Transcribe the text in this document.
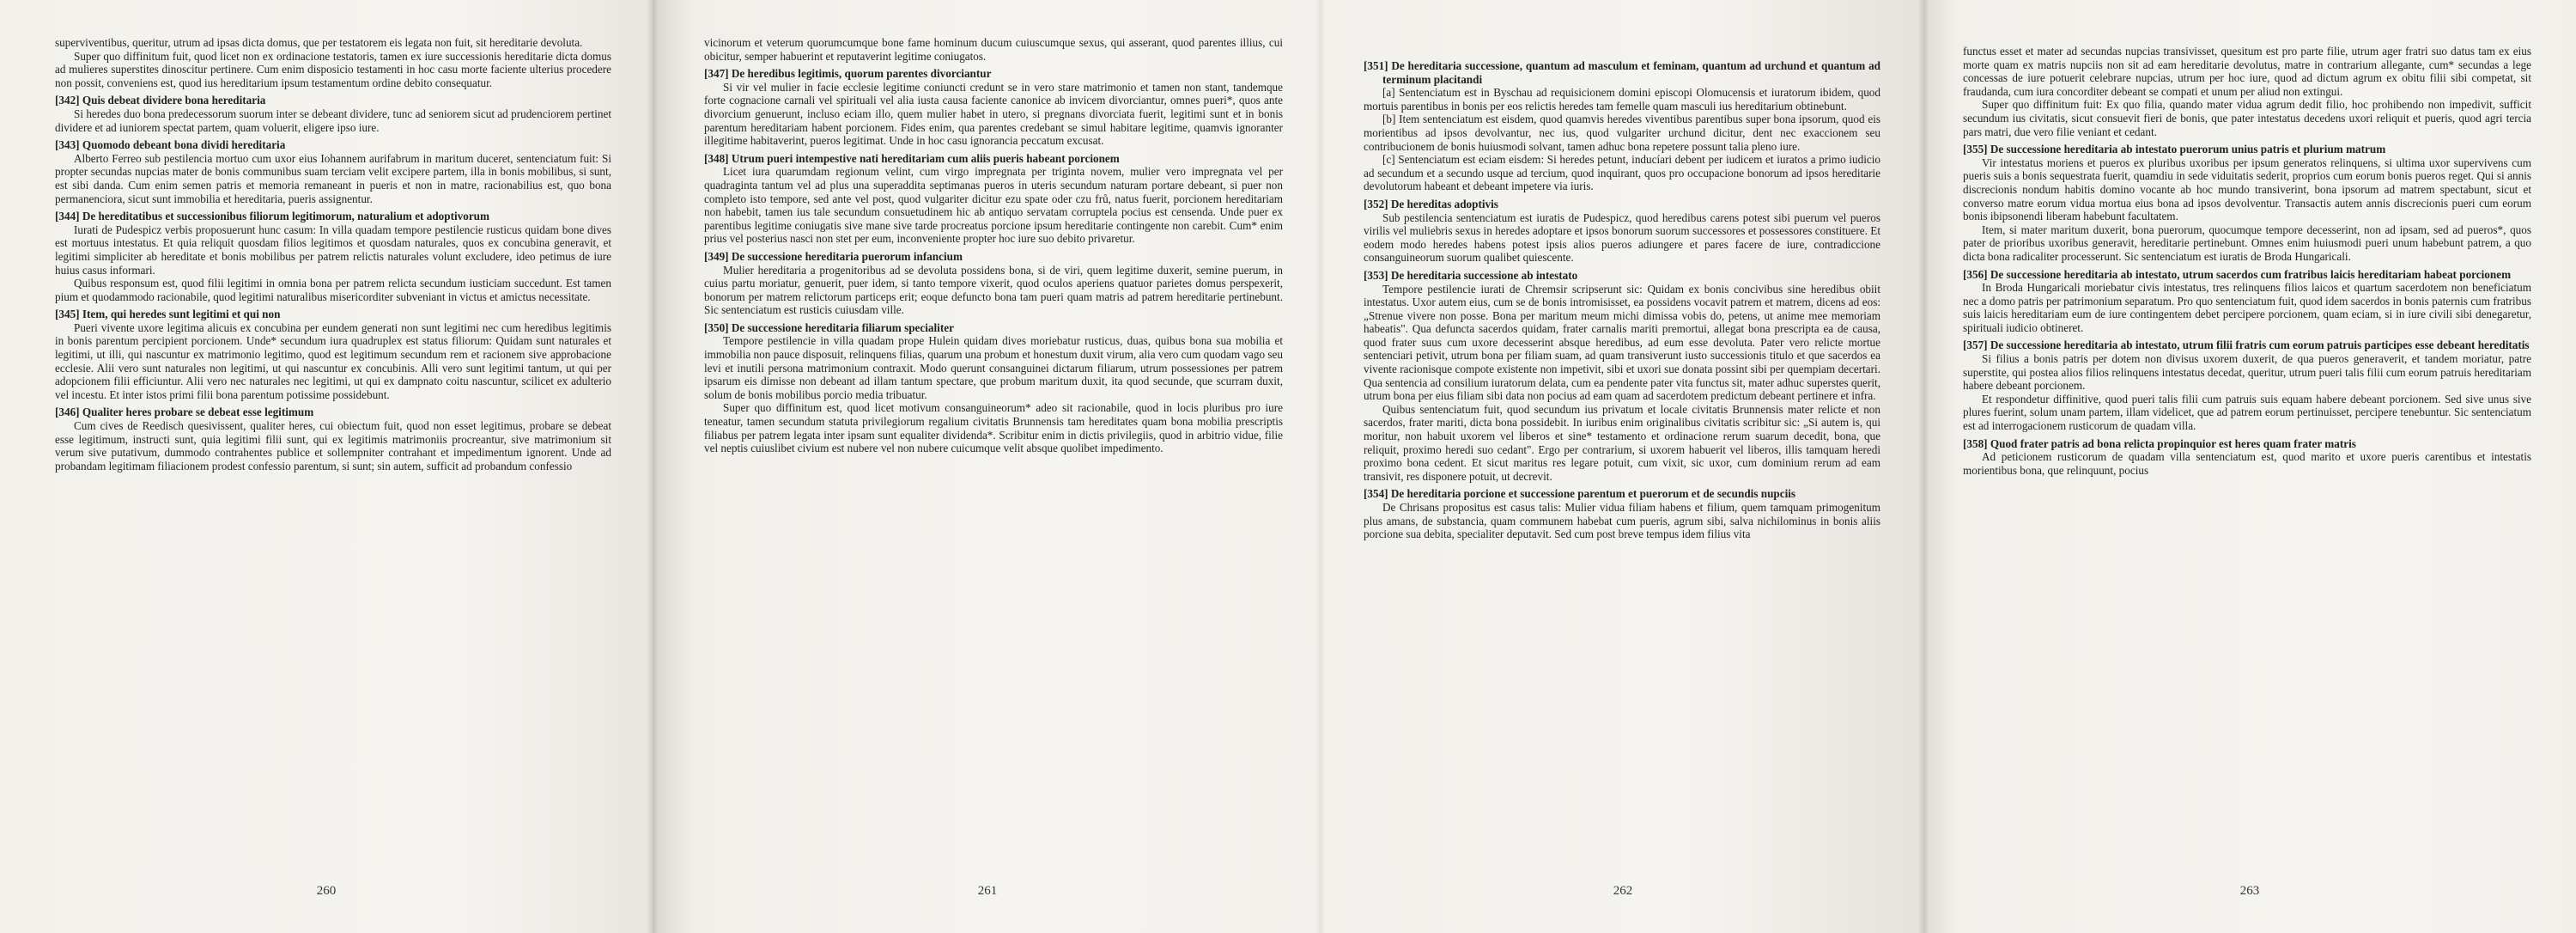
superviventibus, queritur, utrum ad ipsas dicta domus, que per testatorem eis legata non fuit, sit hereditarie devoluta.

Super quo diffinitum fuit, quod licet non ex ordinacione testatoris, tamen ex iure successionis hereditarie dicta domus ad mulieres superstites dinoscitur pertinere. Cum enim disposicio testamenti in hoc casu morte faciente ulterius procedere non possit, conveniens est, quod ius hereditarium ipsum testamentum ordine debito consequatur.

[342] Quis debeat dividere bona hereditaria

Si heredes duo bona predecessorum suorum inter se debeant dividere, tunc ad seniorem sicut ad prudenciorem pertinet dividere et ad iuniorem spectat partem, quam voluerit, eligere ipso iure.

[343] Quomodo debeant bona dividi hereditaria

Alberto Ferreo sub pestilencia mortuo cum uxor eius Iohannem aurifabrum in maritum duceret, sentenciatum fuit: Si propter secundas nupcias mater de bonis communibus suam terciam velit excipere partem, illa in bonis mobilibus, si sunt, est sibi danda. Cum enim semen patris et memoria remaneant in pueris et non in matre, racionabilius est, quo bona permanenciora, sicut sunt immobilia et hereditaria, pueris assignentur.

[344] De hereditatibus et successionibus filiorum legitimorum, naturalium et adoptivorum

Iurati de Pudespicz verbis proposuerunt hunc casum: In villa quadam tempore pestilencie rusticus quidam bone dives est mortuus intestatus. Et quia reliquit quosdam filios legitimos et quosdam naturales, quos ex concubina generavit, et legitimi simpliciter ab hereditate et bonis mobilibus per patrem relictis naturales volunt excludere, ideo petimus de iure huius casus informari.

Quibus responsum est, quod filii legitimi in omnia bona per patrem relicta secundum iusticiam succedunt. Est tamen pium et quodammodo racionabile, quod legitimi naturalibus misericorditer subveniant in victus et amictus necessitate.

[345] Item, qui heredes sunt legitimi et qui non

Pueri vivente uxore legitima alicuis ex concubina per eundem generati non sunt legitimi nec cum heredibus legitimis in bonis parentum percipient porcionem. Unde* secundum iura quadruplex est status filiorum: Quidam sunt naturales et legitimi, ut illi, qui nascuntur ex matrimonio legitimo, quod est legitimum secundum rem et racionem sive approbacione ecclesie. Alii vero sunt naturales non legitimi, ut qui nascuntur ex concubinis. Alli vero sunt legitimi tantum, ut qui per adopcionem filii efficiuntur. Alii vero nec naturales nec legitimi, ut qui ex dampnato coitu nascuntur, scilicet ex adulterio vel incestu. Et inter istos primi filii bona parentum potissime possidebunt.

[346] Qualiter heres probare se debeat esse legitimum

Cum cives de Reedisch quesivissent, qualiter heres, cui obiectum fuit, quod non esset legitimus, probare se debeat esse legitimum, instructi sunt, quia legitimi filii sunt, qui ex legitimis matrimoniis procreantur, sive matrimonium sit verum sive putativum, dummodo contrahentes publice et sollempniter contrahant et impedimentum ignorent. Unde ad probandam legitimam filiacionem prodest confessio parentum, si sunt; sin autem, sufficit ad probandum confessio

260

vicinorum et veterum quorumcumque bone fame hominum ducum cuiuscumque sexus, qui asserant, quod parentes illius, cui obicitur, semper habuerint et reputaverint legitime coniugatos.

[347] De heredibus legitimis, quorum parentes divorciantur

Si vir vel mulier in facie ecclesie legitime coniuncti credunt se in vero stare matrimonio et tamen non stant, tandemque forte cognacione carnali vel spirituali vel alia iusta causa faciente canonice ab invicem divorciantur, omnes pueri*, quos ante divorcium genuerunt, incluso eciam illo, quem mulier habet in utero, si pregnans divorciata fuerit, legitimi sunt et in bonis parentum hereditariam habent porcionem. Fides enim, qua parentes credebant se simul habitare legitime, quamvis ignoranter illegitime habitaverint, pueros legitimat. Unde in hoc casu ignorancia peccatum excusat.

[348] Utrum pueri intempestive nati hereditariam cum aliis pueris habeant porcionem

Licet iura quarumdam regionum velint, cum virgo impregnata per triginta novem, mulier vero impregnata vel per quadraginta tantum vel ad plus una superaddita septimanas pueros in uteris secundum naturam portare debeant, si puer non completo isto tempore, sed ante vel post, quod vulgariter dicitur ezu spate oder czu frů, natus fuerit, porcionem hereditariam non habebit, tamen ius tale secundum consuetudinem hic ab antiquo servatam corruptela pocius est censenda. Unde puer ex parentibus legitime coniugatis sive mane sive tarde procreatus porcione ipsum hereditarie contingente non carebit. Cum* enim prius vel posterius nasci non stet per eum, inconveniente propter hoc iure suo debito privaretur.

[349] De successione hereditaria puerorum infancium

Mulier hereditaria a progenitoribus ad se devoluta possidens bona, si de viri, quem legitime duxerit, semine puerum, in cuius partu moriatur, genuerit, puer idem, si tanto tempore vixerit, quod oculos aperiens quatuor parietes domus perspexerit, bonorum per matrem relictorum particeps erit; eoque defuncto bona tam pueri quam matris ad patrem hereditarie pertinebunt. Sic sentenciatum est rusticis cuiusdam ville.

[350] De successione hereditaria filiarum specialiter

Tempore pestilencie in villa quadam prope Hulein quidam dives moriebatur rusticus, duas, quibus bona sua mobilia et immobilia non pauce disposuit, relinquens filias, quarum una probum et honestum duxit virum, alia vero cum quodam vago seu levi et inutili persona matrimonium contraxit. Modo querunt consanguinei dictarum filiarum, utrum possessiones per patrem ipsarum eis dimisse non debeant ad illam tantum spectare, que probum maritum duxit, ita quod secunde, que scurram duxit, solum de bonis mobilibus porcio media tribuatur.

Super quo diffinitum est, quod licet motivum consanguineorum* adeo sit racionabile, quod in locis pluribus pro iure teneatur, tamen secundum statuta privilegiorum regalium civitatis Brunnensis tam hereditates quam bona mobilia prescriptis filiabus per patrem legata inter ipsam sunt equaliter dividenda*. Scribitur enim in dictis privilegiis, quod in arbitrio vidue, filie vel neptis cuiuslibet civium est nubere vel non nubere cuicumque velit absque quolibet impedimento.

261

[351] De hereditaria successione, quantum ad masculum et feminam, quantum ad urchund et quantum ad terminum placitandi

[a] Sentenciatum est in Byschau ad requisicionem domini episcopi Olomucensis et iuratorum ibidem, quod mortuis parentibus in bonis per eos relictis heredes tam femelle quam masculi ius hereditarium obtinebunt.

[b] Item sentenciatum est eisdem, quod quamvis heredes viventibus parentibus super bona ipsorum, quod eis morientibus ad ipsos devolvantur, nec ius, quod vulgariter urchund dicitur, dent nec exaccionem seu contribucionem de bonis huiusmodi solvant, tamen adhuc bona repetere possunt talia pleno iure.

[c] Sentenciatum est eciam eisdem: Si heredes petunt, inducíari debent per iudicem et iuratos a primo iudicio ad secundum et a secundo usque ad tercium, quod inquirant, quos pro occupacione bonorum ad ipsos hereditarie devolutorum habeant et debeant impetere via iuris.

[352] De hereditas adoptivis

Sub pestilencia sentenciatum est iuratis de Pudespicz, quod heredibus carens potest sibi puerum vel pueros virilis vel muliebris sexus in heredes adoptare et ipsos bonorum suorum successores et possessores constituere. Et eodem modo heredes habens potest ipsis alios pueros adiungere et pares facere de iure, contradiccione consanguineorum suorum qualibet quiescente.

[353] De hereditaria successione ab intestato

Tempore pestilencie iurati de Chremsir scripserunt sic: Quidam ex bonis concivibus sine heredibus obiit intestatus. Uxor autem eius, cum se de bonis intromisisset, ea possidens vocavit patrem et matrem, dicens ad eos: „Strenue vivere non posse. Bona per maritum meum michi dimissa vobis do, petens, ut anime mee memoriam habeatis". Qua defuncta sacerdos quidam, frater carnalis mariti premortui, allegat bona prescripta ea de causa, quod frater suus cum uxore decesserint absque heredibus, ad eum esse devoluta. Pater vero relicte mortue sentenciari petivit, utrum bona per filiam suam, ad quam transiverunt iusto successionis titulo et que sacerdos ea vivente racionisque compote existente non impetivit, sibi et uxori sue donata possint sibi per quempiam decertari. Qua sentencia ad consilium iuratorum delata, cum ea pendente pater vita functus sit, mater adhuc superstes querit, utrum bona per eius filiam sibi data non pocius ad eam quam ad sacerdotem predictum debeant pertinere et infra.

Quibus sentenciatum fuit, quod secundum ius privatum et locale civitatis Brunnensis mater relicte et non sacerdos, frater mariti, dicta bona possidebit. In iuribus enim originalibus civitatis scribitur sic: „Si autem is, qui moritur, non habuit uxorem vel liberos et sine* testamento et ordinacione rerum suarum decedit, bona, que reliquit, proximo heredi suo cedant". Ergo per contrarium, si uxorem habuerit vel liberos, illis tamquam heredi proximo bona cedent. Et sicut maritus res legare potuit, cum vixit, sic uxor, cum dominium rerum ad eam transivit, res disponere potuit, ut decrevit.

[354] De hereditaria porcione et successione parentum et puerorum et de secundis nupciis

De Chrisans propositus est casus talis: Mulier vidua filiam habens et filium, quem tamquam primogenitum plus amans, de substancia, quam communem habebat cum pueris, agrum sibi, salva nichilominus in bonis aliis porcione sua debita, specialiter deputavit. Sed cum post breve tempus idem filius vita

262

functus esset et mater ad secundas nupcias transivisset, quesitum est pro parte filie, utrum ager fratri suo datus tam ex eius morte quam ex matris nupciis non sit ad eam hereditarie devolutus, matre in contrarium allegante, cum* secundas a lege concessas de iure potuerit celebrare nupcias, utrum per hoc iure, quod ad dictum agrum ex obitu filii sibi competat, sit fraudanda, cum iura concorditer debeant se compati et unum per aliud non extingui.

Super quo diffinitum fuit: Ex quo filia, quando mater vidua agrum dedit filio, hoc prohibendo non impedivit, sufficit secundum ius civitatis, sicut consuevit fieri de bonis, que pater intestatus decedens uxori reliquit et pueris, quod agri tercia pars matri, due vero filie veniant et cedant.

[355] De successione hereditaria ab intestato puerorum unius patris et plurium matrum

Vir intestatus moriens et pueros ex pluribus uxoribus per ipsum generatos relinquens, si ultima uxor supervivens cum pueris suis a bonis sequestrata fuerit, quamdiu in sede viduitatis sederit, proprios cum eorum bonis pueros reget. Qui si annis discrecionis nondum habitis domino vocante ab hoc mundo transiverint, bona ipsorum ad matrem spectabunt, sicut et converso matre eorum vidua mortua eius bona ad ipsos devolventur. Transactis autem annis discrecionis pueri cum eorum bonis ibipsonendi liberam habebunt facultatem.

Item, si mater maritum duxerit, bona puerorum, quocumque tempore decesserint, non ad ipsam, sed ad pueros*, quos pater de prioribus uxoribus generavit, hereditarie pertinebunt. Omnes enim huiusmodi pueri unum habebunt patrem, a quo dicta bona radicaliter processerunt. Sic sentenciatum est iuratis de Broda Hungaricali.

[356] De successione hereditaria ab intestato, utrum sacerdos cum fratribus laicis hereditariam habeat porcionem

In Broda Hungaricali moriebatur civis intestatus, tres relinquens filios laicos et quartum sacerdotem non beneficiatum nec a domo patris per patrimonium separatum. Pro quo sentenciatum fuit, quod idem sacerdos in bonis paternis cum fratribus suis laicis hereditariam eum de iure contingentem debet percipere porcionem, quam eciam, si in iure civili sibi denegaretur, spirituali iudicio obtineret.

[357] De successione hereditaria ab intestato, utrum filii fratris cum eorum patruis participes esse debeant hereditatis

Si filius a bonis patris per dotem non divisus uxorem duxerit, de qua pueros generaverit, et tandem moriatur, patre superstite, qui postea alios filios relinquens intestatus decedat, queritur, utrum pueri talis filii cum eorum patruis hereditariam habere debeant porcionem.

Et respondetur diffinitive, quod pueri talis filii cum patruis suis equam habere debeant porcionem. Sed sive unus sive plures fuerint, solum unam partem, illam videlicet, que ad patrem eorum pertinuisset, percipere tenebuntur. Sic sentenciatum est ad interrogacionem rusticorum de quadam villa.

[358] Quod frater patris ad bona relicta propinquior est heres quam frater matris

Ad peticionem rusticorum de quadam villa sentenciatum est, quod marito et uxore pueris carentibus et intestatis morientibus bona, que relinquunt, pocius

263
